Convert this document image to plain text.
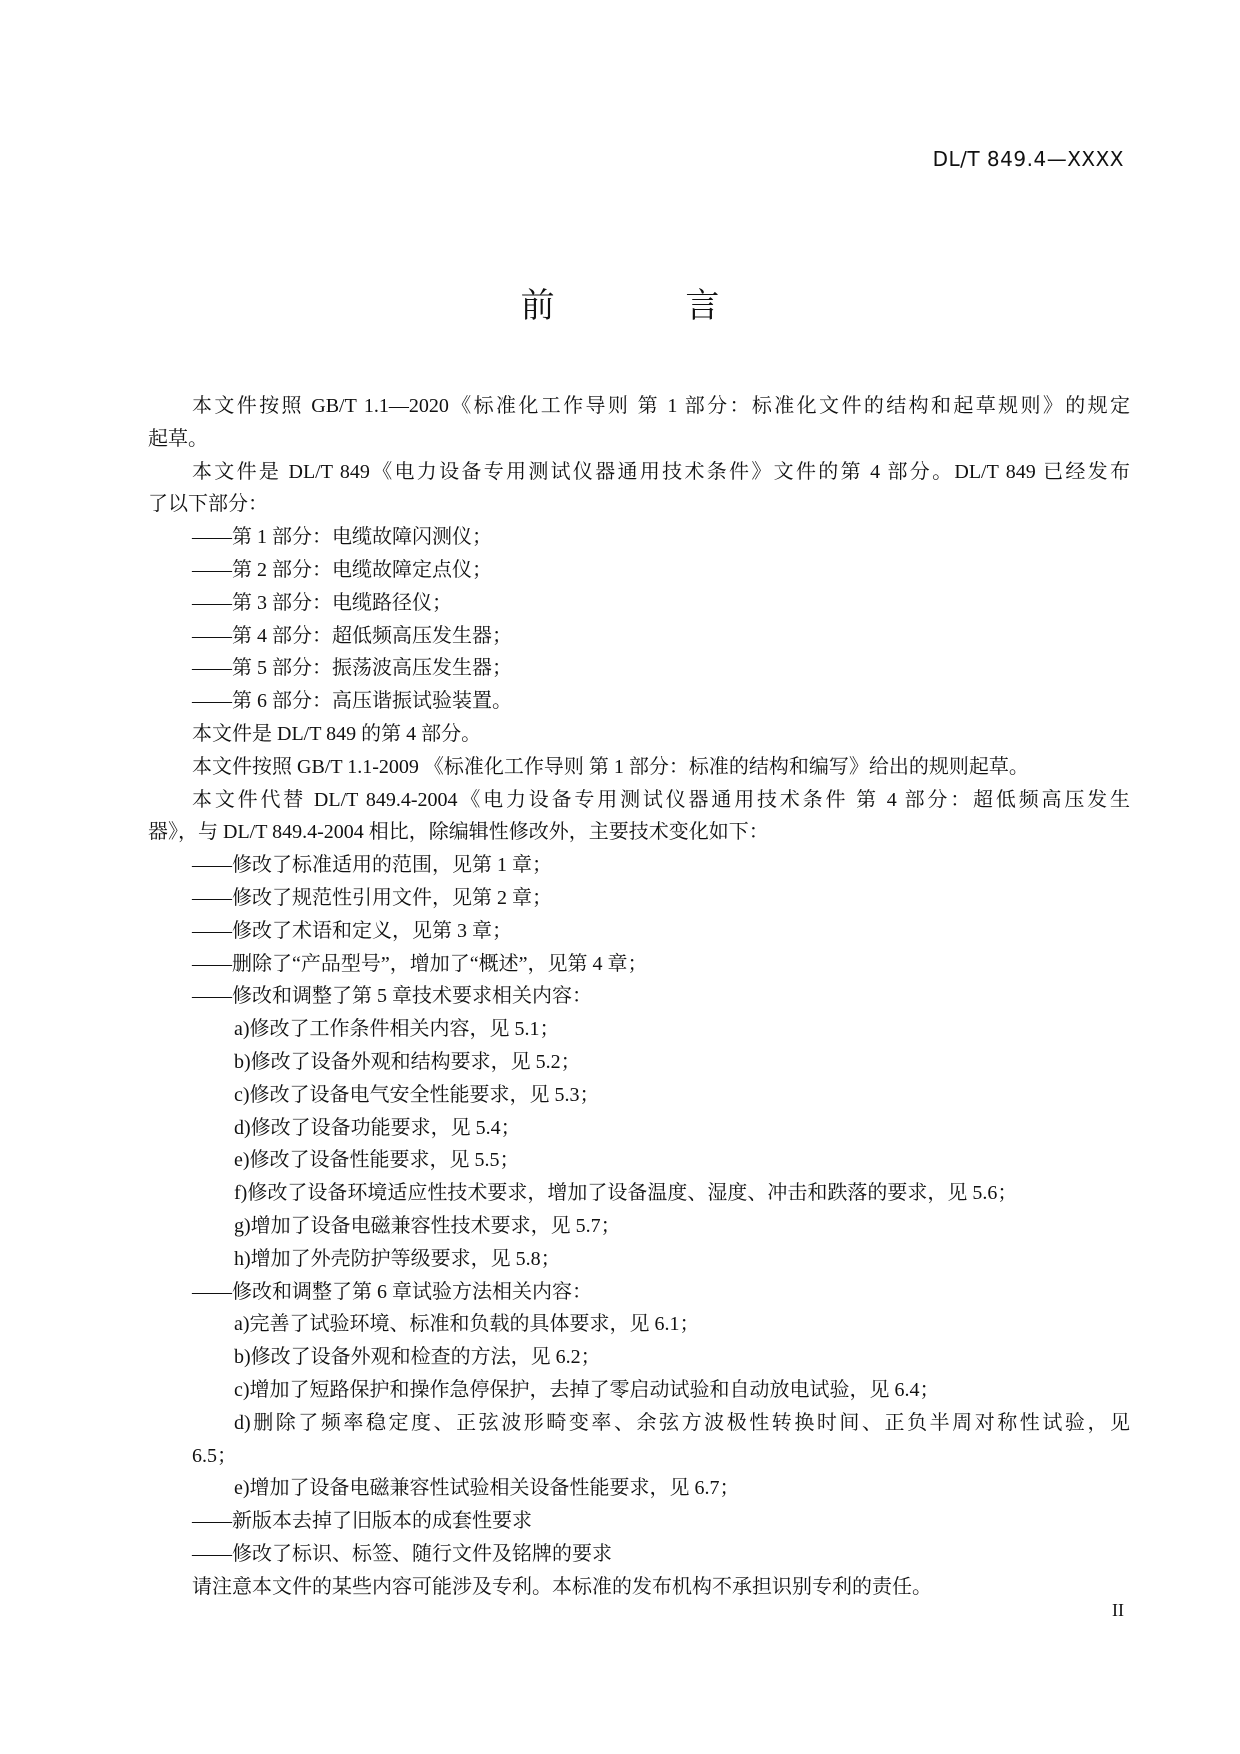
DL/T 849.4—XXXX
前 言
本文件按照 GB/T 1.1—2020《标准化工作导则 第 1 部分：标准化文件的结构和起草规则》的规定
起草。
本文件是 DL/T 849《电力设备专用测试仪器通用技术条件》文件的第 4 部分。DL/T 849 已经发布
了以下部分：
——第 1 部分：电缆故障闪测仪；
——第 2 部分：电缆故障定点仪；
——第 3 部分：电缆路径仪；
——第 4 部分：超低频高压发生器；
——第 5 部分：振荡波高压发生器；
——第 6 部分：高压谐振试验装置。
本文件是 DL/T 849 的第 4 部分。
本文件按照 GB/T 1.1-2009 《标准化工作导则 第 1 部分：标准的结构和编写》给出的规则起草。
本文件代替 DL/T 849.4-2004《电力设备专用测试仪器通用技术条件 第 4 部分：超低频高压发生
器》，与 DL/T 849.4-2004 相比，除编辑性修改外，主要技术变化如下：
——修改了标准适用的范围，见第 1 章；
——修改了规范性引用文件，见第 2 章；
——修改了术语和定义，见第 3 章；
——删除了“产品型号”，增加了“概述”，见第 4 章；
——修改和调整了第 5 章技术要求相关内容：
a)修改了工作条件相关内容，见 5.1；
b)修改了设备外观和结构要求，见 5.2；
c)修改了设备电气安全性能要求，见 5.3；
d)修改了设备功能要求，见 5.4；
e)修改了设备性能要求，见 5.5；
f)修改了设备环境适应性技术要求，增加了设备温度、湿度、冲击和跌落的要求，见 5.6；
g)增加了设备电磁兼容性技术要求，见 5.7；
h)增加了外壳防护等级要求，见 5.8；
——修改和调整了第 6 章试验方法相关内容：
a)完善了试验环境、标准和负载的具体要求，见 6.1；
b)修改了设备外观和检查的方法，见 6.2；
c)增加了短路保护和操作急停保护，去掉了零启动试验和自动放电试验，见 6.4；
d)删除了频率稳定度、正弦波形畸变率、余弦方波极性转换时间、正负半周对称性试验，见
6.5；
e)增加了设备电磁兼容性试验相关设备性能要求，见 6.7；
——新版本去掉了旧版本的成套性要求
——修改了标识、标签、随行文件及铭牌的要求
请注意本文件的某些内容可能涉及专利。本标准的发布机构不承担识别专利的责任。
II
